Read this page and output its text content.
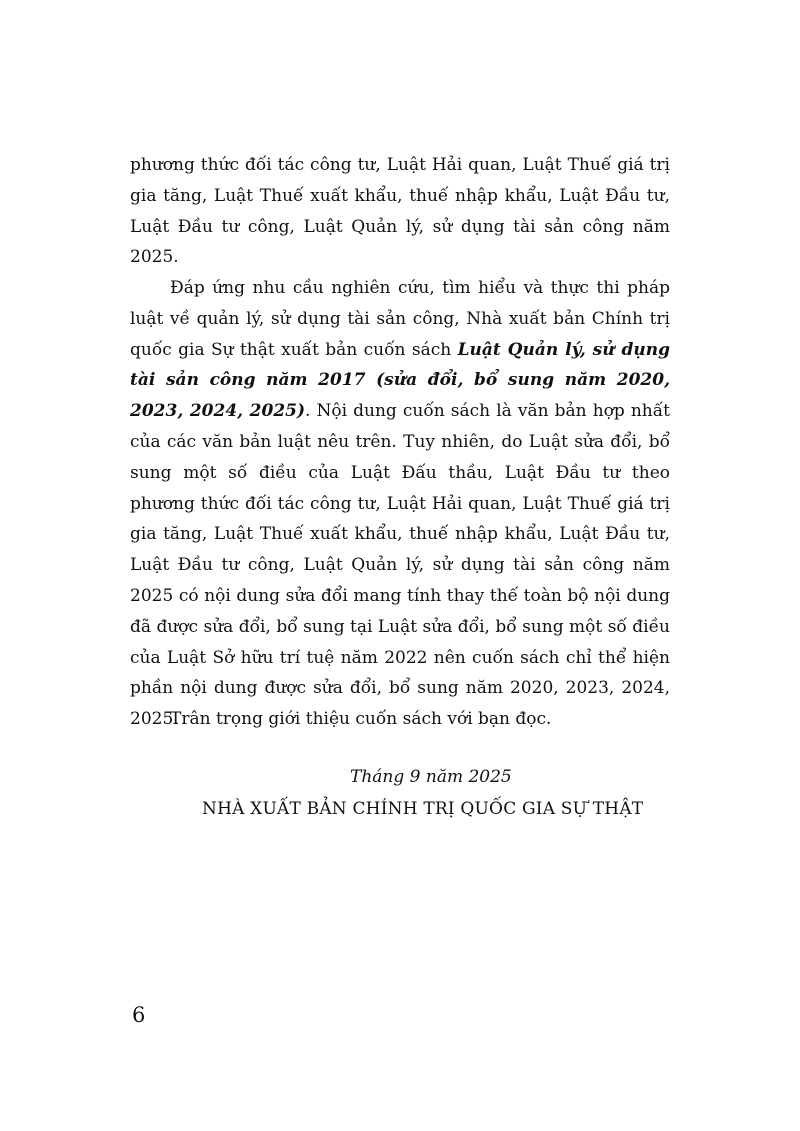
phương thức đối tác công tư, Luật Hải quan, Luật Thuế giá trị gia tăng, Luật Thuế xuất khẩu, thuế nhập khẩu, Luật Đầu tư, Luật Đầu tư công, Luật Quản lý, sử dụng tài sản công năm 2025.

Đáp ứng nhu cầu nghiên cứu, tìm hiểu và thực thi pháp luật về quản lý, sử dụng tài sản công, Nhà xuất bản Chính trị quốc gia Sự thật xuất bản cuốn sách Luật Quản lý, sử dụng tài sản công năm 2017 (sửa đổi, bổ sung năm 2020, 2023, 2024, 2025). Nội dung cuốn sách là văn bản hợp nhất của các văn bản luật nêu trên. Tuy nhiên, do Luật sửa đổi, bổ sung một số điều của Luật Đấu thầu, Luật Đầu tư theo phương thức đối tác công tư, Luật Hải quan, Luật Thuế giá trị gia tăng, Luật Thuế xuất khẩu, thuế nhập khẩu, Luật Đầu tư, Luật Đầu tư công, Luật Quản lý, sử dụng tài sản công năm 2025 có nội dung sửa đổi mang tính thay thế toàn bộ nội dung đã được sửa đổi, bổ sung tại Luật sửa đổi, bổ sung một số điều của Luật Sở hữu trí tuệ năm 2022 nên cuốn sách chỉ thể hiện phần nội dung được sửa đổi, bổ sung năm 2020, 2023, 2024, 2025.

Trân trọng giới thiệu cuốn sách với bạn đọc.

Tháng 9 năm 2025

NHÀ XUẤT BẢN CHÍNH TRỊ QUỐC GIA SỰ THẬT

6
